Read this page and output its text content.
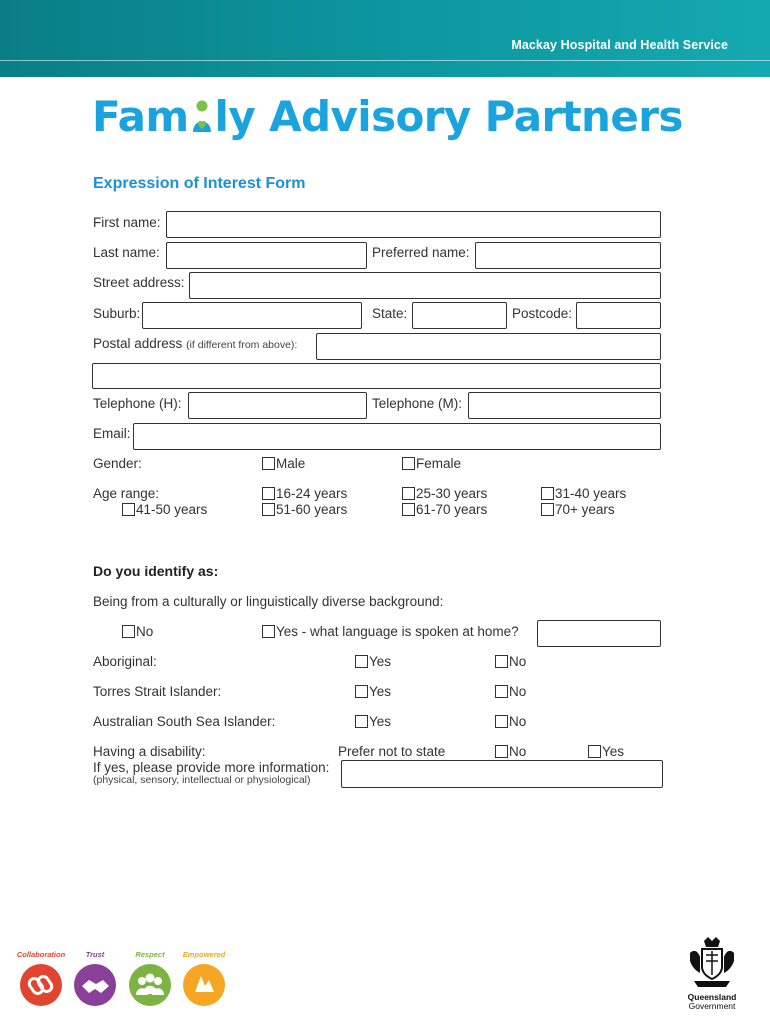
Mackay Hospital and Health Service
Fam ly Advisory Partners
Expression of Interest Form
First name:
Last name:	Preferred name:
Street address:
Suburb:	State:	Postcode:
Postal address (if different from above):
Telephone (H):	Telephone (M):
Email:
Gender:	Male	Female
Age range:	16-24 years	25-30 years	31-40 years
41-50 years	51-60 years	61-70 years	70+ years
Do you identify as:
Being from a culturally or linguistically diverse background:
No	Yes - what language is spoken at home?
Aboriginal:	Yes	No
Torres Strait Islander:	Yes	No
Australian South Sea Islander:	Yes	No
Having a disability:	Prefer not to state	No	Yes
If yes, please provide more information:
(physical, sensory, intellectual or physiological)
Collaboration	Trust	Respect	Empowered
Queensland
Government
